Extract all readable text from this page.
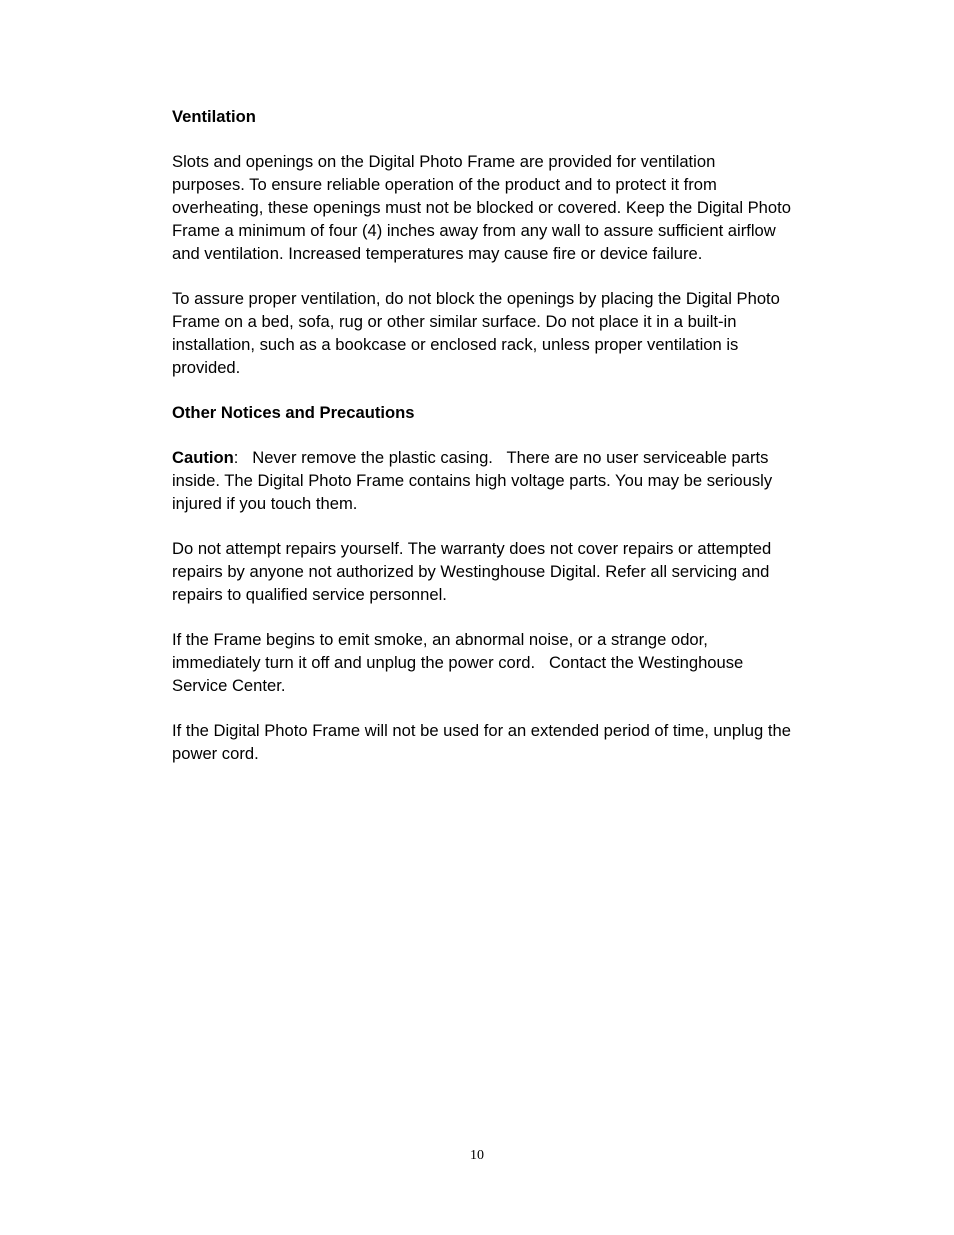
Ventilation
Slots and openings on the Digital Photo Frame are provided for ventilation purposes. To ensure reliable operation of the product and to protect it from overheating, these openings must not be blocked or covered. Keep the Digital Photo Frame a minimum of four (4) inches away from any wall to assure sufficient airflow and ventilation. Increased temperatures may cause fire or device failure.
To assure proper ventilation, do not block the openings by placing the Digital Photo Frame on a bed, sofa, rug or other similar surface. Do not place it in a built-in installation, such as a bookcase or enclosed rack, unless proper ventilation is provided.
Other Notices and Precautions
Caution:   Never remove the plastic casing.   There are no user serviceable parts inside. The Digital Photo Frame contains high voltage parts. You may be seriously injured if you touch them.
Do not attempt repairs yourself. The warranty does not cover repairs or attempted repairs by anyone not authorized by Westinghouse Digital. Refer all servicing and repairs to qualified service personnel.
If the Frame begins to emit smoke, an abnormal noise, or a strange odor, immediately turn it off and unplug the power cord.   Contact the Westinghouse Service Center.
If the Digital Photo Frame will not be used for an extended period of time, unplug the power cord.
10
